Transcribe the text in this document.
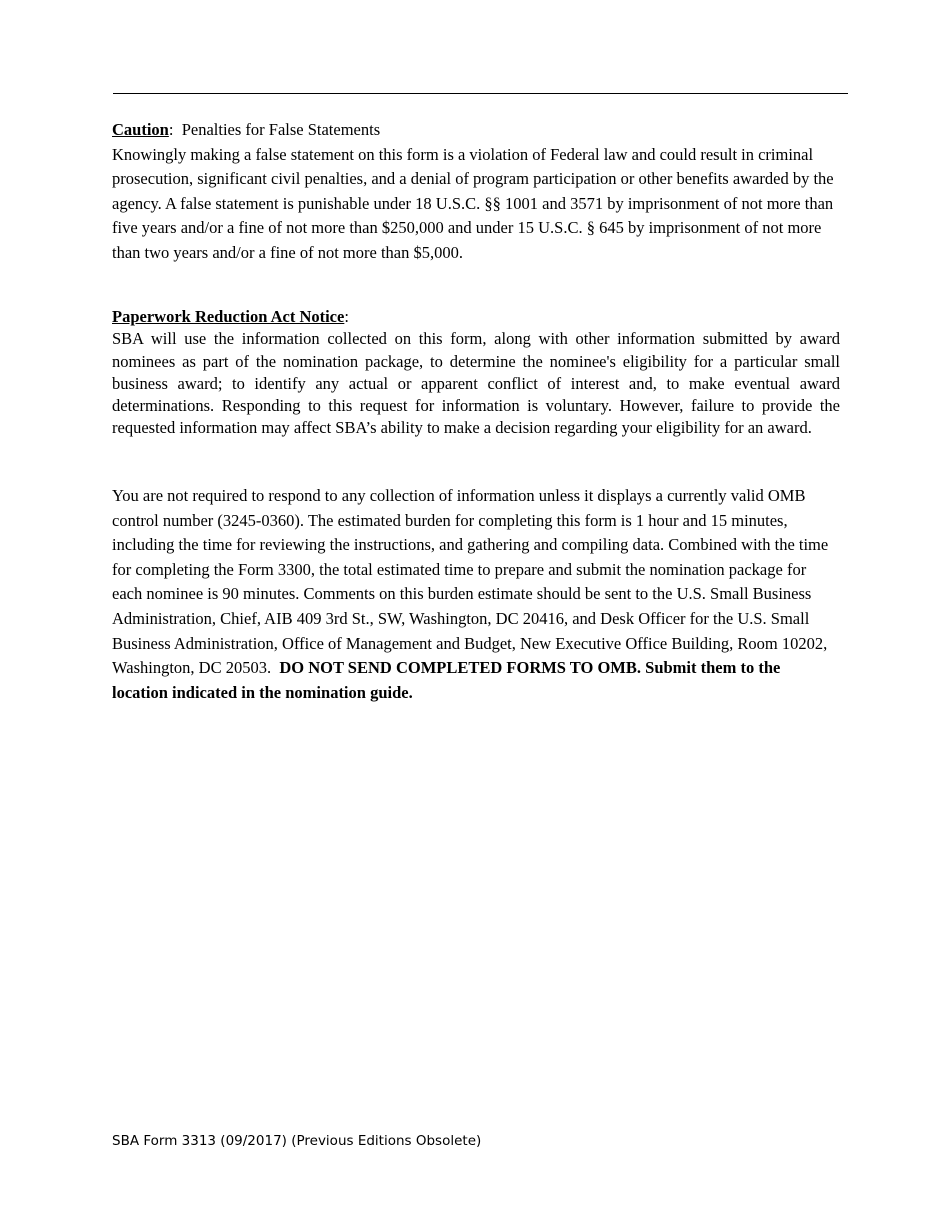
Caution: Penalties for False Statements
Knowingly making a false statement on this form is a violation of Federal law and could result in criminal prosecution, significant civil penalties, and a denial of program participation or other benefits awarded by the agency. A false statement is punishable under 18 U.S.C. §§ 1001 and 3571 by imprisonment of not more than five years and/or a fine of not more than $250,000 and under 15 U.S.C. § 645 by imprisonment of not more than two years and/or a fine of not more than $5,000.
Paperwork Reduction Act Notice:
SBA will use the information collected on this form, along with other information submitted by award nominees as part of the nomination package, to determine the nominee's eligibility for a particular small business award; to identify any actual or apparent conflict of interest and, to make eventual award determinations. Responding to this request for information is voluntary. However, failure to provide the requested information may affect SBA’s ability to make a decision regarding your eligibility for an award.
You are not required to respond to any collection of information unless it displays a currently valid OMB control number (3245-0360). The estimated burden for completing this form is 1 hour and 15 minutes, including the time for reviewing the instructions, and gathering and compiling data. Combined with the time for completing the Form 3300, the total estimated time to prepare and submit the nomination package for each nominee is 90 minutes. Comments on this burden estimate should be sent to the U.S. Small Business Administration, Chief, AIB 409 3rd St., SW, Washington, DC 20416, and Desk Officer for the U.S. Small Business Administration, Office of Management and Budget, New Executive Office Building, Room 10202, Washington, DC 20503. DO NOT SEND COMPLETED FORMS TO OMB. Submit them to the location indicated in the nomination guide.
SBA Form 3313 (09/2017) (Previous Editions Obsolete)
